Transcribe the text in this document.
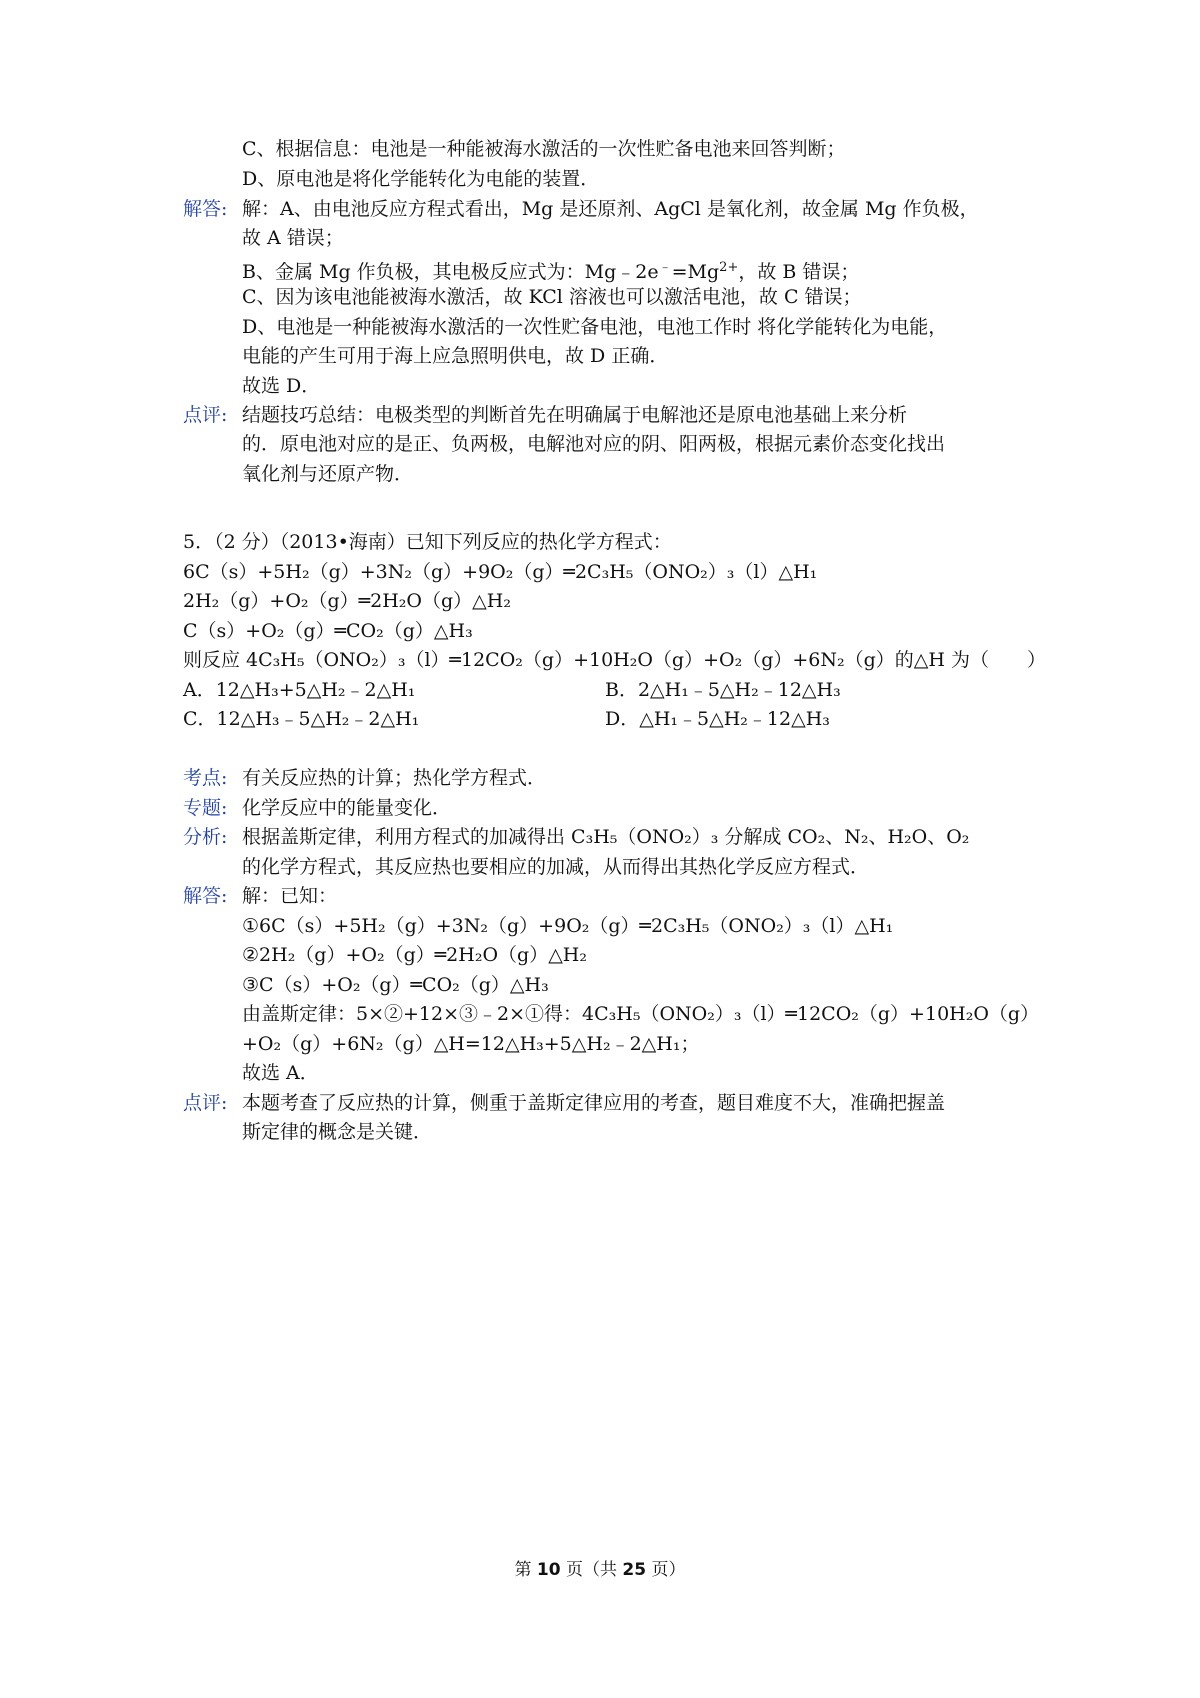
C、根据信息：电池是一种能被海水激活的一次性贮备电池来回答判断；
D、原电池是将化学能转化为电能的装置．
解答: 解：A、由电池反应方程式看出，Mg 是还原剂、AgCl 是氧化剂，故金属 Mg 作负极，
故 A 错误；
B、金属 Mg 作负极，其电极反应式为：$Mg﹣2e^﹣=Mg^{2+}$，故 B 错误；
C、因为该电池能被海水激活，故 KCl 溶液也可以激活电池，故 C 错误；
D、电池是一种能被海水激活的一次性贮备电池，电池工作时 将化学能转化为电能，
电能的产生可用于海上应急照明供电，故 D 正确．
故选 D．
点评: 结题技巧总结：电极类型的判断首先在明确属于电解池还是原电池基础上来分析
的．原电池对应的是正、负两极，电解池对应的阴、阳两极，根据元素价态变化找出
氧化剂与还原产物．
5．（2 分）（2013•海南）已知下列反应的热化学方程式：
6C（s）+5H₂（g）+3N₂（g）+9O₂（g）═2C₃H₅（ONO₂）₃（l）△H₁
2H₂（g）+O₂（g）═2H₂O（g）△H₂
C（s）+O₂（g）═CO₂（g）△H₃
则反应 4C₃H₅（ONO₂）₃（l）═12CO₂（g）+10H₂O（g）+O₂（g）+6N₂（g）的△H 为（　　）
A．12△H₃+5△H₂﹣2△H₁	B．2△H₁﹣5△H₂﹣12△H₃
C．12△H₃﹣5△H₂﹣2△H₁	D．△H₁﹣5△H₂﹣12△H₃
考点: 有关反应热的计算；热化学方程式．
专题: 化学反应中的能量变化．
分析: 根据盖斯定律，利用方程式的加减得出 C₃H₅（ONO₂）₃ 分解成 CO₂、N₂、H₂O、O₂
的化学方程式，其反应热也要相应的加减，从而得出其热化学反应方程式．
解答: 解：已知：
①6C（s）+5H₂（g）+3N₂（g）+9O₂（g）═2C₃H₅（ONO₂）₃（l）△H₁
②2H₂（g）+O₂（g）═2H₂O（g）△H₂
③C（s）+O₂（g）═CO₂（g）△H₃
由盖斯定律：5×②+12×③﹣2×①得：4C₃H₅（ONO₂）₃（l）═12CO₂（g）+10H₂O（g）
+O₂（g）+6N₂（g）△H=12△H₃+5△H₂﹣2△H₁；
故选 A．
点评: 本题考查了反应热的计算，侧重于盖斯定律应用的考查，题目难度不大，准确把握盖
斯定律的概念是关键．
第 10 页（共 25 页）
